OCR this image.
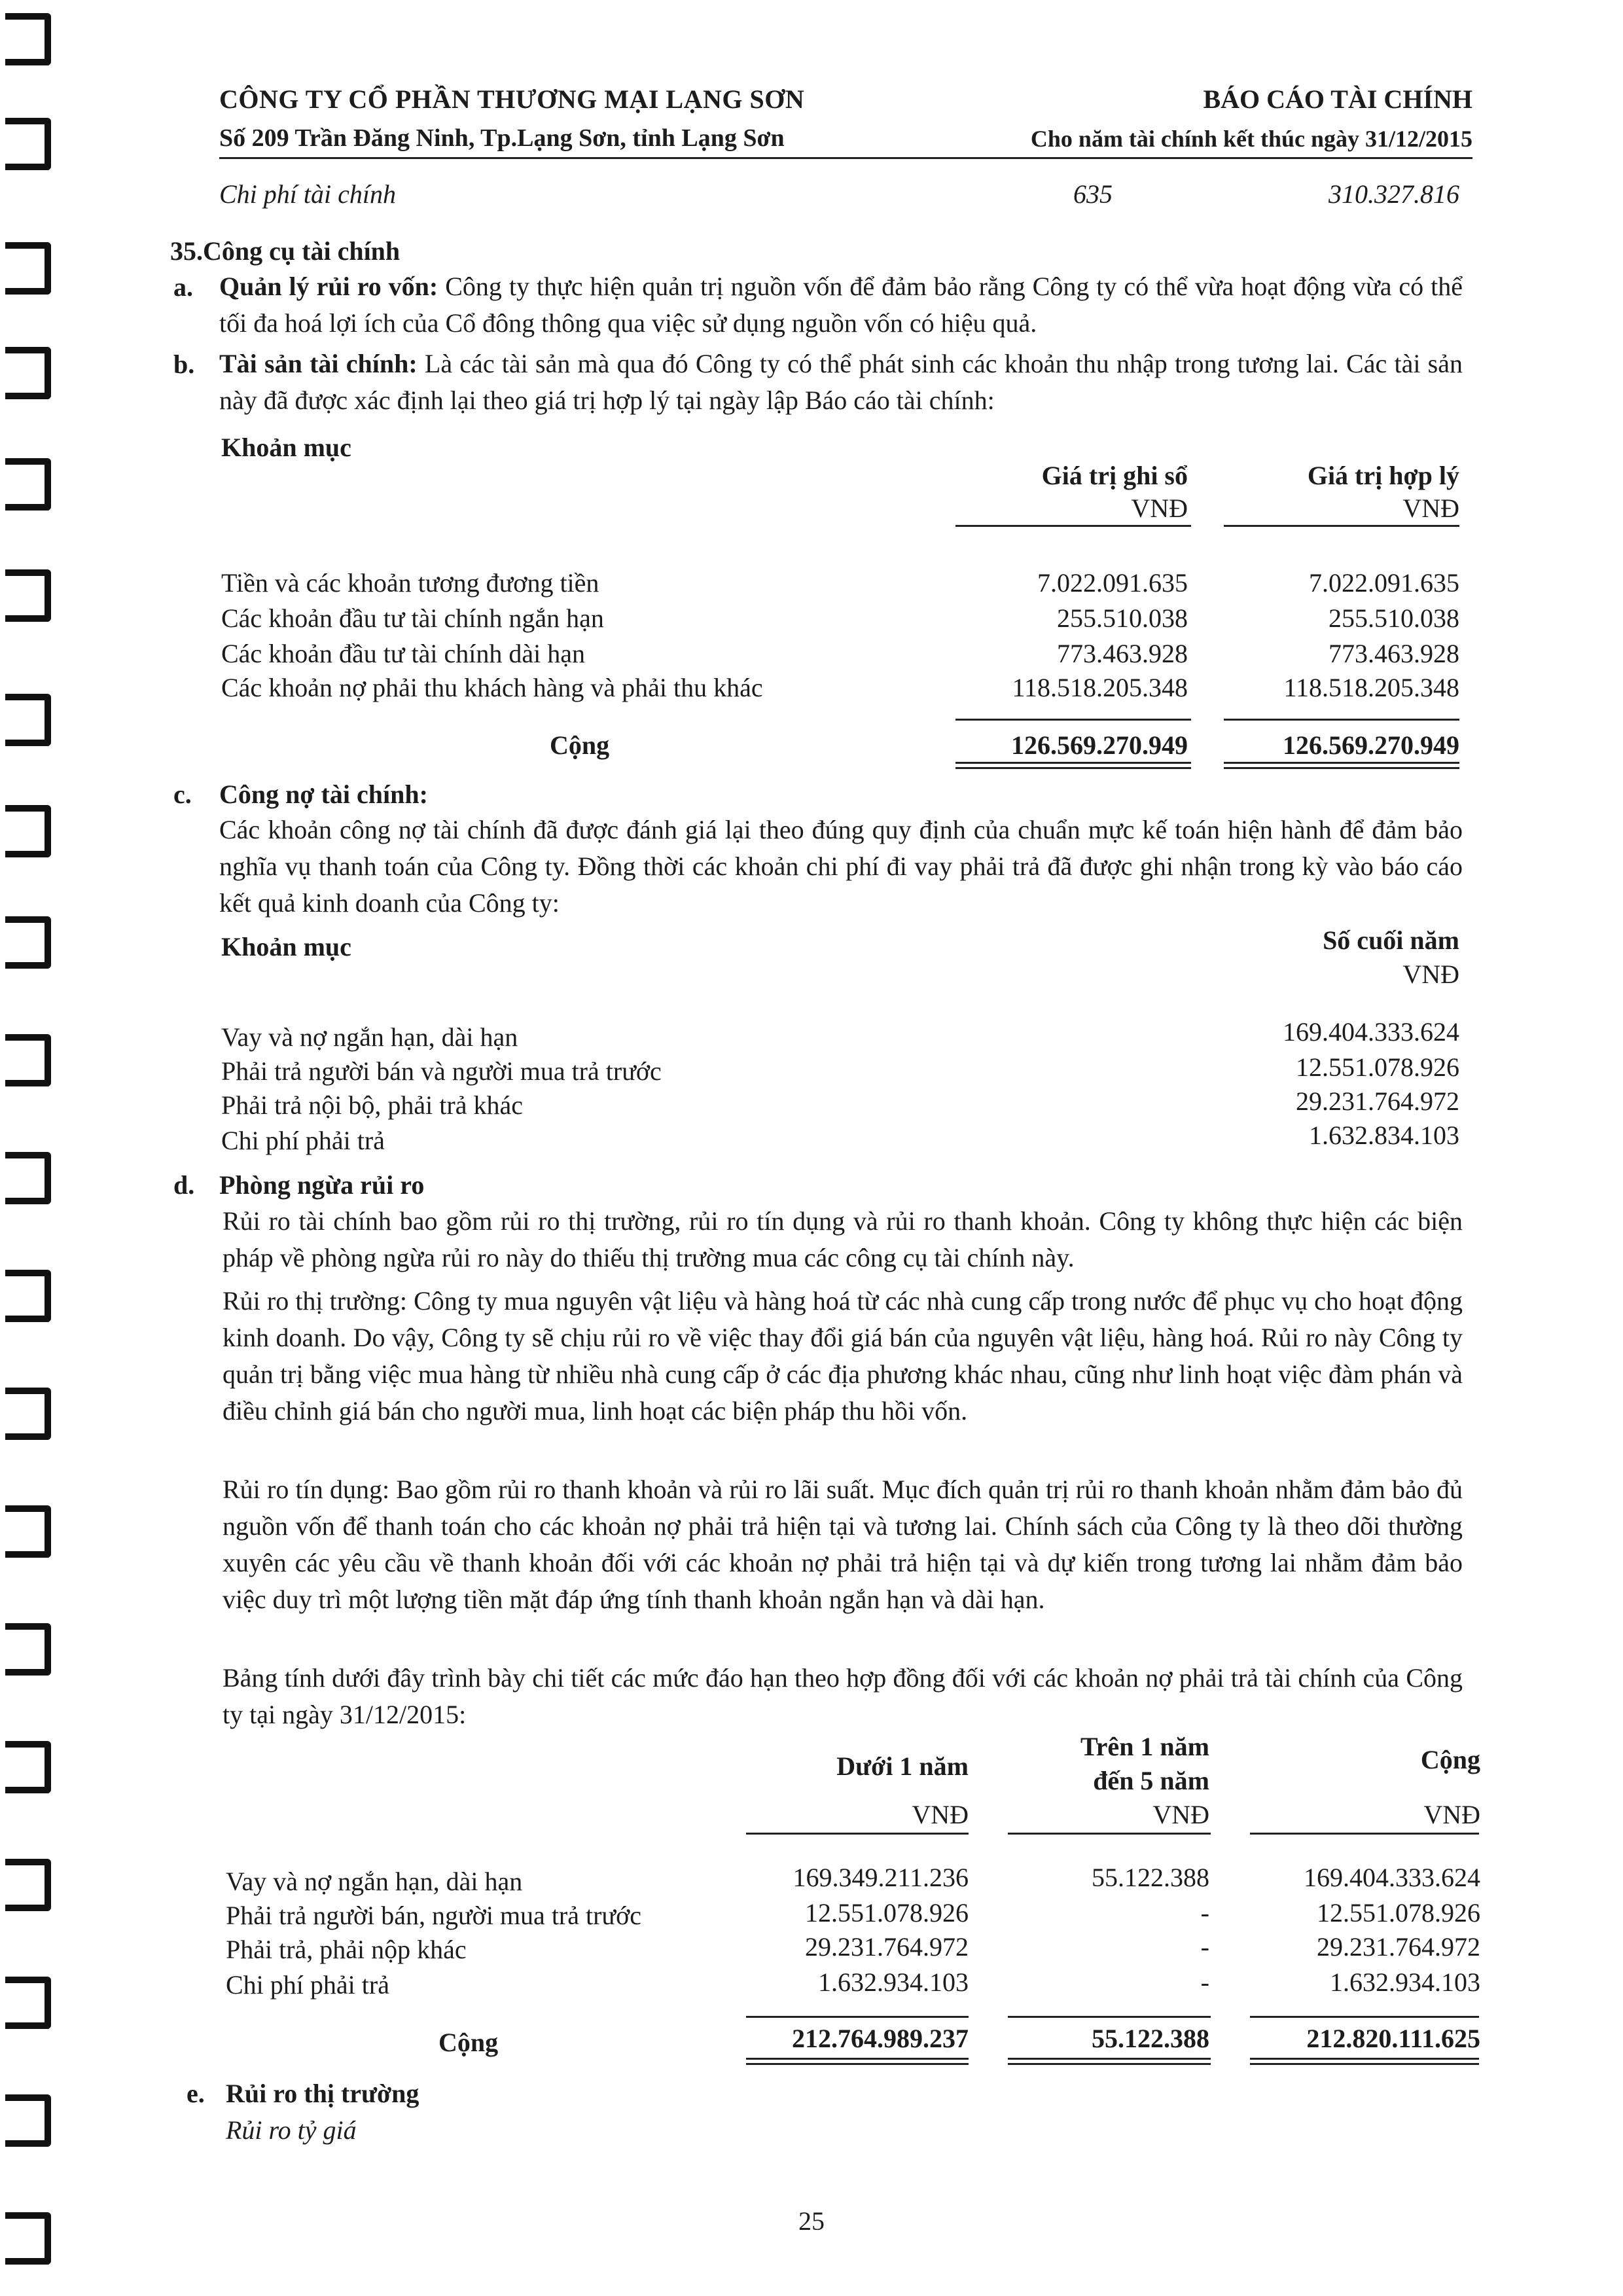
CÔNG TY CỔ PHẦN THƯƠNG MẠI LẠNG SƠN
Số 209 Trần Đăng Ninh, Tp.Lạng Sơn, tỉnh Lạng Sơn
BÁO CÁO TÀI CHÍNH
Cho năm tài chính kết thúc ngày 31/12/2015
Chi phí tài chính	635	310.327.816
35.Công cụ tài chính
a. Quản lý rủi ro vốn: Công ty thực hiện quản trị nguồn vốn để đảm bảo rằng Công ty có thể vừa hoạt động vừa có thể tối đa hoá lợi ích của Cổ đông thông qua việc sử dụng nguồn vốn có hiệu quả.
b. Tài sản tài chính: Là các tài sản mà qua đó Công ty có thể phát sinh các khoản thu nhập trong tương lai. Các tài sản này đã được xác định lại theo giá trị hợp lý tại ngày lập Báo cáo tài chính:
Khoản mục
Giá trị ghi sổ	Giá trị hợp lý
VNĐ	VNĐ
Tiền và các khoản tương đương tiền	7.022.091.635	7.022.091.635
Các khoản đầu tư tài chính ngắn hạn	255.510.038	255.510.038
Các khoản đầu tư tài chính dài hạn	773.463.928	773.463.928
Các khoản nợ phải thu khách hàng và phải thu khác	118.518.205.348	118.518.205.348
Cộng	126.569.270.949	126.569.270.949
c. Công nợ tài chính:
Các khoản công nợ tài chính đã được đánh giá lại theo đúng quy định của chuẩn mực kế toán hiện hành để đảm bảo nghĩa vụ thanh toán của Công ty. Đồng thời các khoản chi phí đi vay phải trả đã được ghi nhận trong kỳ vào báo cáo kết quả kinh doanh của Công ty:
Khoản mục	Số cuối năm
VNĐ
Vay và nợ ngắn hạn, dài hạn	169.404.333.624
Phải trả người bán và người mua trả trước	12.551.078.926
Phải trả nội bộ, phải trả khác	29.231.764.972
Chi phí phải trả	1.632.834.103
d. Phòng ngừa rủi ro
Rủi ro tài chính bao gồm rủi ro thị trường, rủi ro tín dụng và rủi ro thanh khoản. Công ty không thực hiện các biện pháp về phòng ngừa rủi ro này do thiếu thị trường mua các công cụ tài chính này.
Rủi ro thị trường: Công ty mua nguyên vật liệu và hàng hoá từ các nhà cung cấp trong nước để phục vụ cho hoạt động kinh doanh. Do vậy, Công ty sẽ chịu rủi ro về việc thay đổi giá bán của nguyên vật liệu, hàng hoá. Rủi ro này Công ty quản trị bằng việc mua hàng từ nhiều nhà cung cấp ở các địa phương khác nhau, cũng như linh hoạt việc đàm phán và điều chỉnh giá bán cho người mua, linh hoạt các biện pháp thu hồi vốn.
Rủi ro tín dụng: Bao gồm rủi ro thanh khoản và rủi ro lãi suất. Mục đích quản trị rủi ro thanh khoản nhằm đảm bảo đủ nguồn vốn để thanh toán cho các khoản nợ phải trả hiện tại và tương lai. Chính sách của Công ty là theo dõi thường xuyên các yêu cầu về thanh khoản đối với các khoản nợ phải trả hiện tại và dự kiến trong tương lai nhằm đảm bảo việc duy trì một lượng tiền mặt đáp ứng tính thanh khoản ngắn hạn và dài hạn.
Bảng tính dưới đây trình bày chi tiết các mức đáo hạn theo hợp đồng đối với các khoản nợ phải trả tài chính của Công ty tại ngày 31/12/2015:
Dưới 1 năm
Trên 1 năm
đến 5 năm
Cộng
VNĐ	VNĐ	VNĐ
Vay và nợ ngắn hạn, dài hạn	169.349.211.236	55.122.388	169.404.333.624
Phải trả người bán, người mua trả trước	12.551.078.926	-	12.551.078.926
Phải trả, phải nộp khác	29.231.764.972	-	29.231.764.972
Chi phí phải trả	1.632.934.103	-	1.632.934.103
Cộng	212.764.989.237	55.122.388	212.820.111.625
e. Rủi ro thị trường
Rủi ro tỷ giá
25
